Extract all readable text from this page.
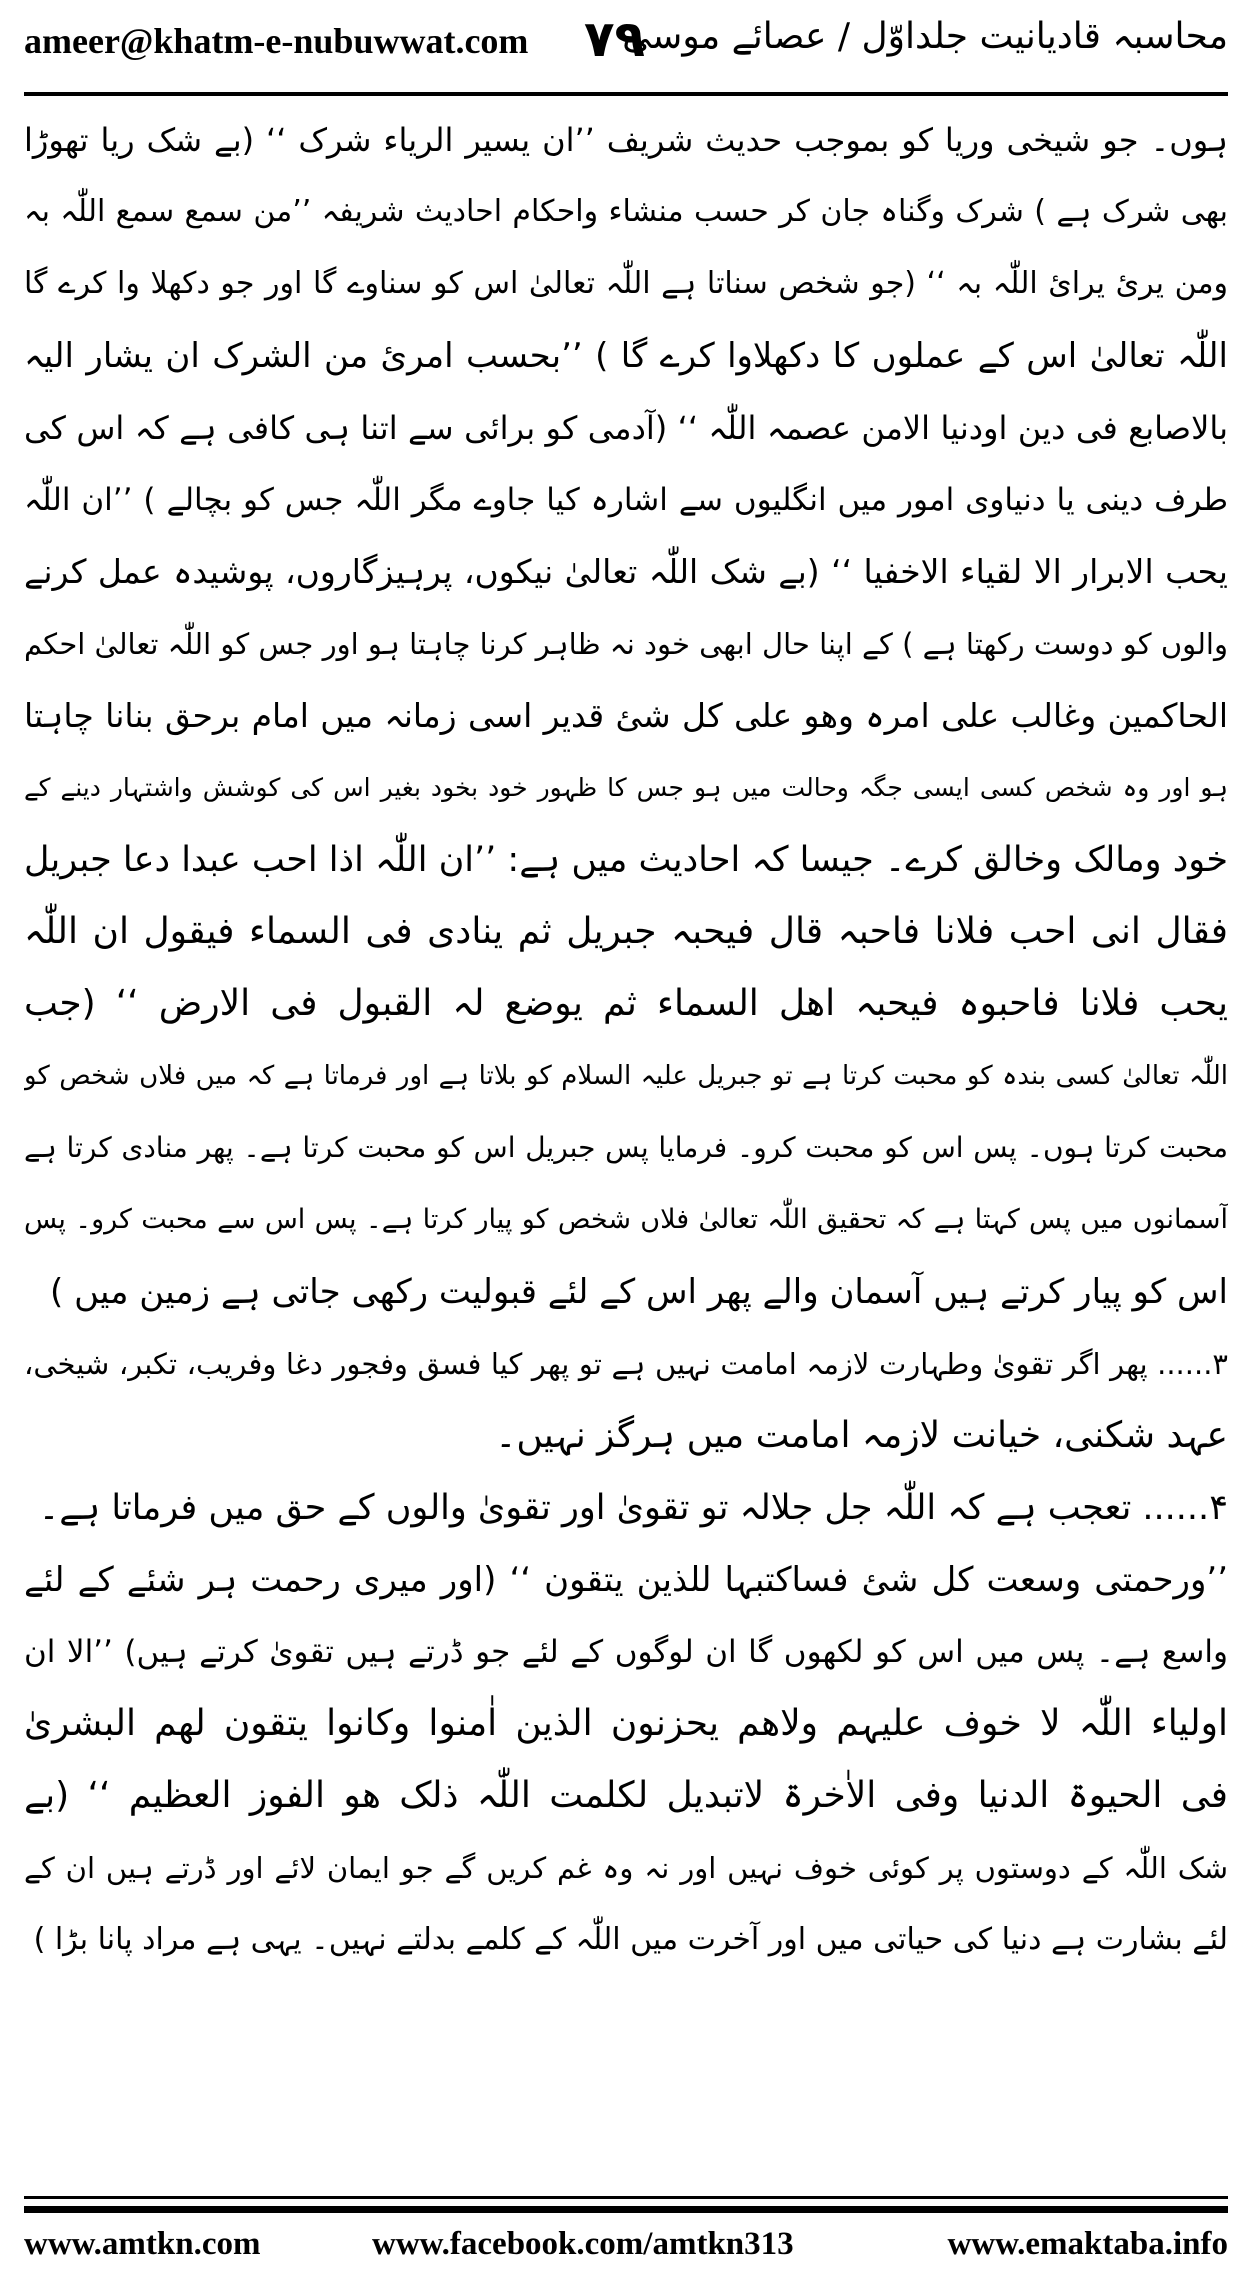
ameer@khatm-e-nubuwwat.com ۷۹
محاسبہ قادیانیت جلداوّل / عصائے موسیٰ
ہوں۔ جو شیخی وریا کو بموجب حدیث شریف ’’ان یسیر الریاء شرک ‘‘ (بے شک ریا تھوڑا
بھی شرک ہے ) شرک وگناہ جان کر حسب منشاء واحکام احادیث شریفہ ’’من سمع سمع اللّٰہ بہ
ومن یرئ یرائ اللّٰہ بہ ‘‘ (جو شخص سناتا ہے اللّٰہ تعالیٰ اس کو سناوے گا اور جو دکھلا وا کرے گا
اللّٰہ تعالیٰ اس کے عملوں کا دکھلاوا کرے گا ) ’’بحسب امرئ من الشرک ان یشار الیہ
بالاصابع فی دین اودنیا الامن عصمہ اللّٰہ ‘‘ (آدمی کو برائی سے اتنا ہی کافی ہے کہ اس کی
طرف دینی یا دنیاوی امور میں انگلیوں سے اشارہ کیا جاوے مگر اللّٰہ جس کو بچالے ) ’’ان اللّٰہ
یحب الابرار الا لقیاء الاخفیا ‘‘ (بے شک اللّٰہ تعالیٰ نیکوں، پرہیزگاروں، پوشیدہ عمل کرنے
والوں کو دوست رکھتا ہے ) کے اپنا حال ابھی خود نہ ظاہر کرنا چاہتا ہو اور جس کو اللّٰہ تعالیٰ احکم
الحاکمین وغالب علی امرہ وھو علی کل شئ قدیر اسی زمانہ میں امام برحق بنانا چاہتا
ہو اور وہ شخص کسی ایسی جگہ وحالت میں ہو جس کا ظہور خود بخود بغیر اس کی کوشش واشتہار دینے کے
خود ومالک وخالق کرے۔ جیسا کہ احادیث میں ہے: ’’ان اللّٰہ اذا احب عبدا دعا جبریل
فقال انی احب فلانا فاحبہ قال فیحبہ جبریل ثم ینادی فی السماء فیقول ان اللّٰہ
یحب فلانا فاحبوہ فیحبہ اھل السماء ثم یوضع لہ القبول فی الارض ‘‘ (جب
اللّٰہ تعالیٰ کسی بندہ کو محبت کرتا ہے تو جبریل علیہ السلام کو بلاتا ہے اور فرماتا ہے کہ میں فلاں شخص کو
محبت کرتا ہوں۔ پس اس کو محبت کرو۔ فرمایا پس جبریل اس کو محبت کرتا ہے۔ پھر منادی کرتا ہے
آسمانوں میں پس کہتا ہے کہ تحقیق اللّٰہ تعالیٰ فلاں شخص کو پیار کرتا ہے۔ پس اس سے محبت کرو۔ پس
اس کو پیار کرتے ہیں آسمان والے پھر اس کے لئے قبولیت رکھی جاتی ہے زمین میں )
۳...... پھر اگر تقویٰ وطہارت لازمہ امامت نہیں ہے تو پھر کیا فسق وفجور دغا وفریب، تکبر، شیخی،
عہد شکنی، خیانت لازمہ امامت میں ہرگز نہیں۔
۴...... تعجب ہے کہ اللّٰہ جل جلالہ تو تقویٰ اور تقویٰ والوں کے حق میں فرماتا ہے۔
’’ورحمتی وسعت کل شئ فساکتبہا للذین یتقون ‘‘ (اور میری رحمت ہر شئے کے لئے
واسع ہے۔ پس میں اس کو لکھوں گا ان لوگوں کے لئے جو ڈرتے ہیں تقویٰ کرتے ہیں) ’’الا ان
اولیاء اللّٰہ لا خوف علیہم ولاھم یحزنون الذین اٰمنوا وکانوا یتقون لھم البشریٰ
فی الحیوۃ الدنیا وفی الاٰخرۃ لاتبدیل لکلمت اللّٰہ ذلک ھو الفوز العظیم ‘‘ (بے
شک اللّٰہ کے دوستوں پر کوئی خوف نہیں اور نہ وہ غم کریں گے جو ایمان لائے اور ڈرتے ہیں ان کے
لئے بشارت ہے دنیا کی حیاتی میں اور آخرت میں اللّٰہ کے کلمے بدلتے نہیں۔ یہی ہے مراد پانا بڑا )
www.amtkn.com	www.facebook.com/amtkn313	www.emaktaba.info
